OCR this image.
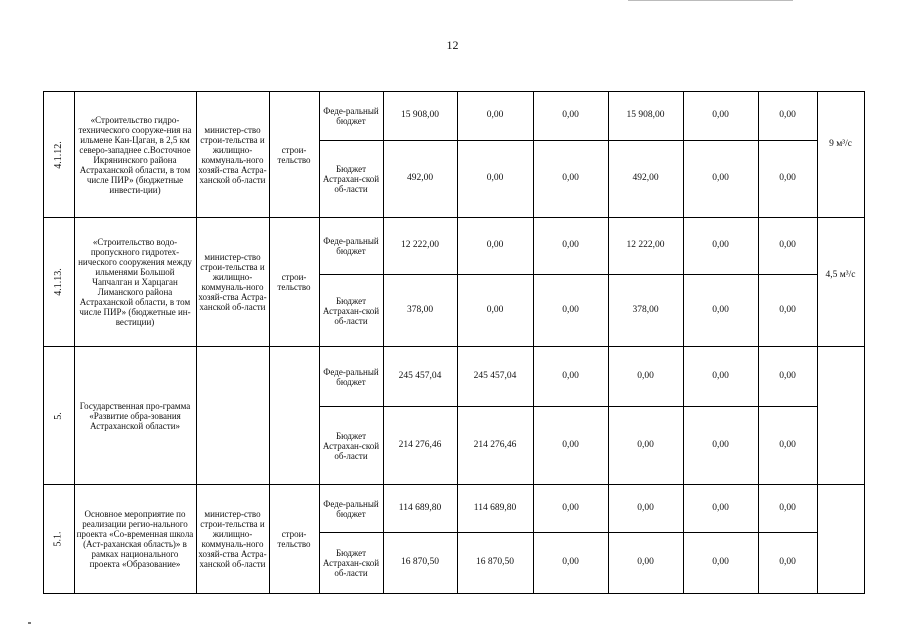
12
4.1.12.	«Строительство гидро-технического сооруже-ния на ильмене Кан-Цаган, в 2,5 км северо-западнее с.Восточное Икрянинского района Астраханской области, в том числе ПИР» (бюджетные инвести-ции)	министер-ство строи-тельства и жилищно-коммуналь-ного хозяй-ства Астра-ханской об-ласти	строи-тельство	Феде-ральный бюджет	15 908,00	0,00	0,00	15 908,00	0,00	0,00	9 м³/с

				Бюджет Астрахан-ской об-ласти	492,00	0,00	0,00	492,00	0,00	0,00	
4.1.13.	«Строительство водо-пропускного гидротех-нического сооружения между ильменями Большой Чапчалган и Харцаган Лиманского района Астраханской области, в том числе ПИР» (бюджетные ин-вестиции)	министер-ство строи-тельства и жилищно-коммуналь-ного хозяй-ства Астра-ханской об-ласти	строи-тельство	Феде-ральный бюджет	12 222,00	0,00	0,00	12 222,00	0,00	0,00	4,5 м³/с

				Бюджет Астрахан-ской об-ласти	378,00	0,00	0,00	378,00	0,00	0,00	
5.	Государственная про-грамма «Развитие обра-зования Астраханской области»			Феде-ральный бюджет	245 457,04	245 457,04	0,00	0,00	0,00	0,00	

				Бюджет Астрахан-ской об-ласти	214 276,46	214 276,46	0,00	0,00	0,00	0,00	
5.1.	Основное мероприятие по реализации регио-нального проекта «Со-временная школа (Аст-раханская область)» в рамках национального проекта «Образование»	министер-ство строи-тельства и жилищно-коммуналь-ного хозяй-ства Астра-ханской об-ласти	строи-тельство	Феде-ральный бюджет	114 689,80	114 689,80	0,00	0,00	0,00	0,00	

				Бюджет Астрахан-ской об-ласти	16 870,50	16 870,50	0,00	0,00	0,00	0,00	
